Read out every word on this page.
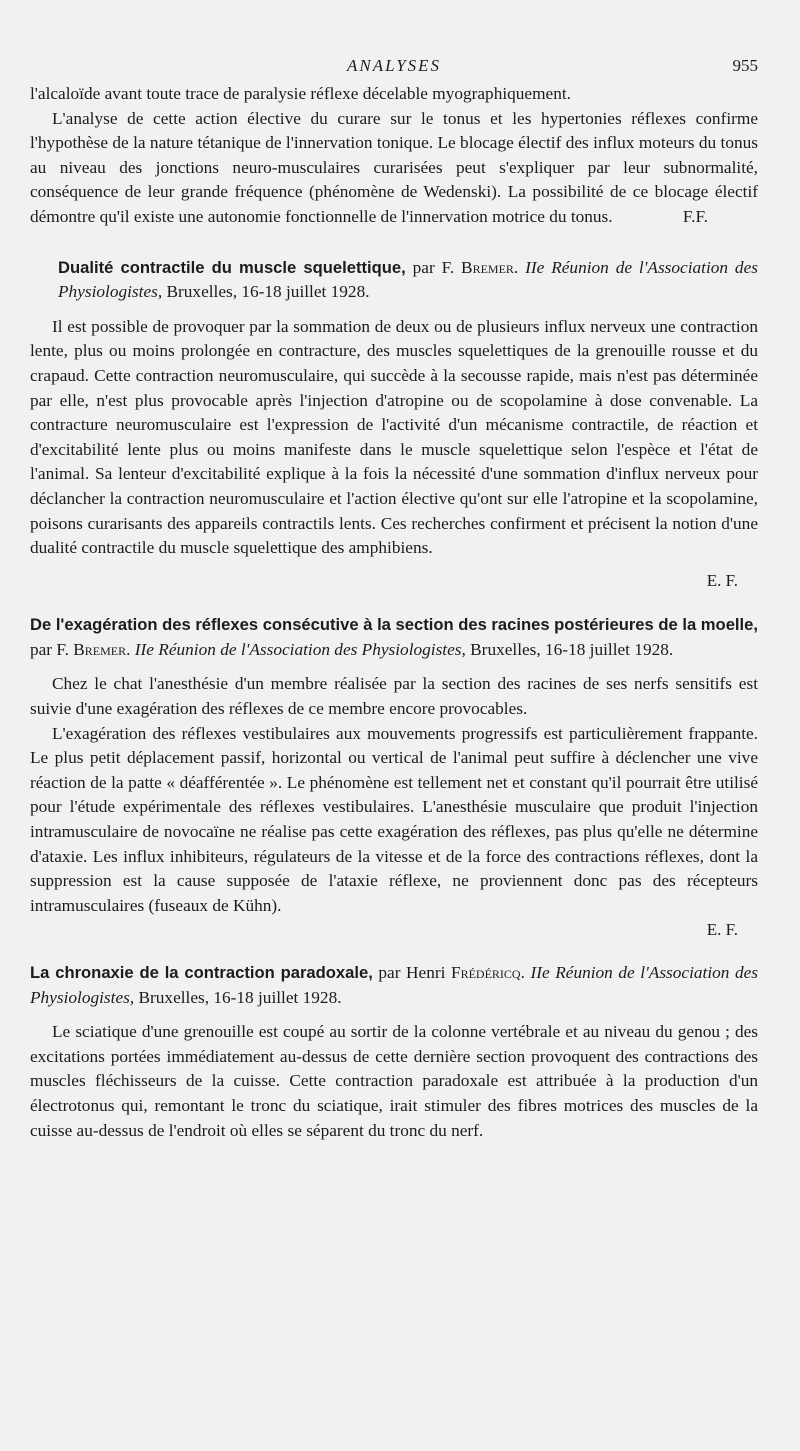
ANALYSES	955

l'alcaloïde avant toute trace de paralysie réflexe décelable myographiquement.

L'analyse de cette action élective du curare sur le tonus et les hypertonies réflexes confirme l'hypothèse de la nature tétanique de l'innervation tonique. Le blocage électif des influx moteurs du tonus au niveau des jonctions neuro-musculaires curarisées peut s'expliquer par leur subnormalité, conséquence de leur grande fréquence (phénomène de Wedenski). La possibilité de ce blocage électif démontre qu'il existe une autonomie fonctionnelle de l'innervation motrice du tonus.	F.F.

Dualité contractile du muscle squelettique, par F. Bremer. IIe Réunion de l'Association des Physiologistes, Bruxelles, 16-18 juillet 1928.

Il est possible de provoquer par la sommation de deux ou de plusieurs influx nerveux une contraction lente, plus ou moins prolongée en contracture, des muscles squelettiques de la grenouille rousse et du crapaud. Cette contraction neuromusculaire, qui succède à la secousse rapide, mais n'est pas déterminée par elle, n'est plus provocable après l'injection d'atropine ou de scopolamine à dose convenable. La contracture neuromusculaire est l'expression de l'activité d'un mécanisme contractile, de réaction et d'excitabilité lente plus ou moins manifeste dans le muscle squelettique selon l'espèce et l'état de l'animal. Sa lenteur d'excitabilité explique à la fois la nécessité d'une sommation d'influx nerveux pour déclancher la contraction neuromusculaire et l'action élective qu'ont sur elle l'atropine et la scopolamine, poisons curarisants des appareils contractils lents. Ces recherches confirment et précisent la notion d'une dualité contractile du muscle squelettique des amphibiens.

E. F.
De l'exagération des réflexes consécutive à la section des racines postérieures de la moelle, par F. Bremer. IIe Réunion de l'Association des Physiologistes, Bruxelles, 16-18 juillet 1928.

Chez le chat l'anesthésie d'un membre réalisée par la section des racines de ses nerfs sensitifs est suivie d'une exagération des réflexes de ce membre encore provocables.

L'exagération des réflexes vestibulaires aux mouvements progressifs est particulièrement frappante. Le plus petit déplacement passif, horizontal ou vertical de l'animal peut suffire à déclencher une vive réaction de la patte « déafférentée ». Le phénomène est tellement net et constant qu'il pourrait être utilisé pour l'étude expérimentale des réflexes vestibulaires. L'anesthésie musculaire que produit l'injection intramusculaire de novocaïne ne réalise pas cette exagération des réflexes, pas plus qu'elle ne détermine d'ataxie. Les influx inhibiteurs, régulateurs de la vitesse et de la force des contractions réflexes, dont la suppression est la cause supposée de l'ataxie réflexe, ne proviennent donc pas des récepteurs intramusculaires (fuseaux de Kühn).

E. F.
La chronaxie de la contraction paradoxale, par Henri Frédéricq. IIe Réunion de l'Association des Physiologistes, Bruxelles, 16-18 juillet 1928.

Le sciatique d'une grenouille est coupé au sortir de la colonne vertébrale et au niveau du genou ; des excitations portées immédiatement au-dessus de cette dernière section provoquent des contractions des muscles fléchisseurs de la cuisse. Cette contraction paradoxale est attribuée à la production d'un électrotonus qui, remontant le tronc du sciatique, irait stimuler des fibres motrices des muscles de la cuisse au-dessus de l'endroit où elles se séparent du tronc du nerf.
